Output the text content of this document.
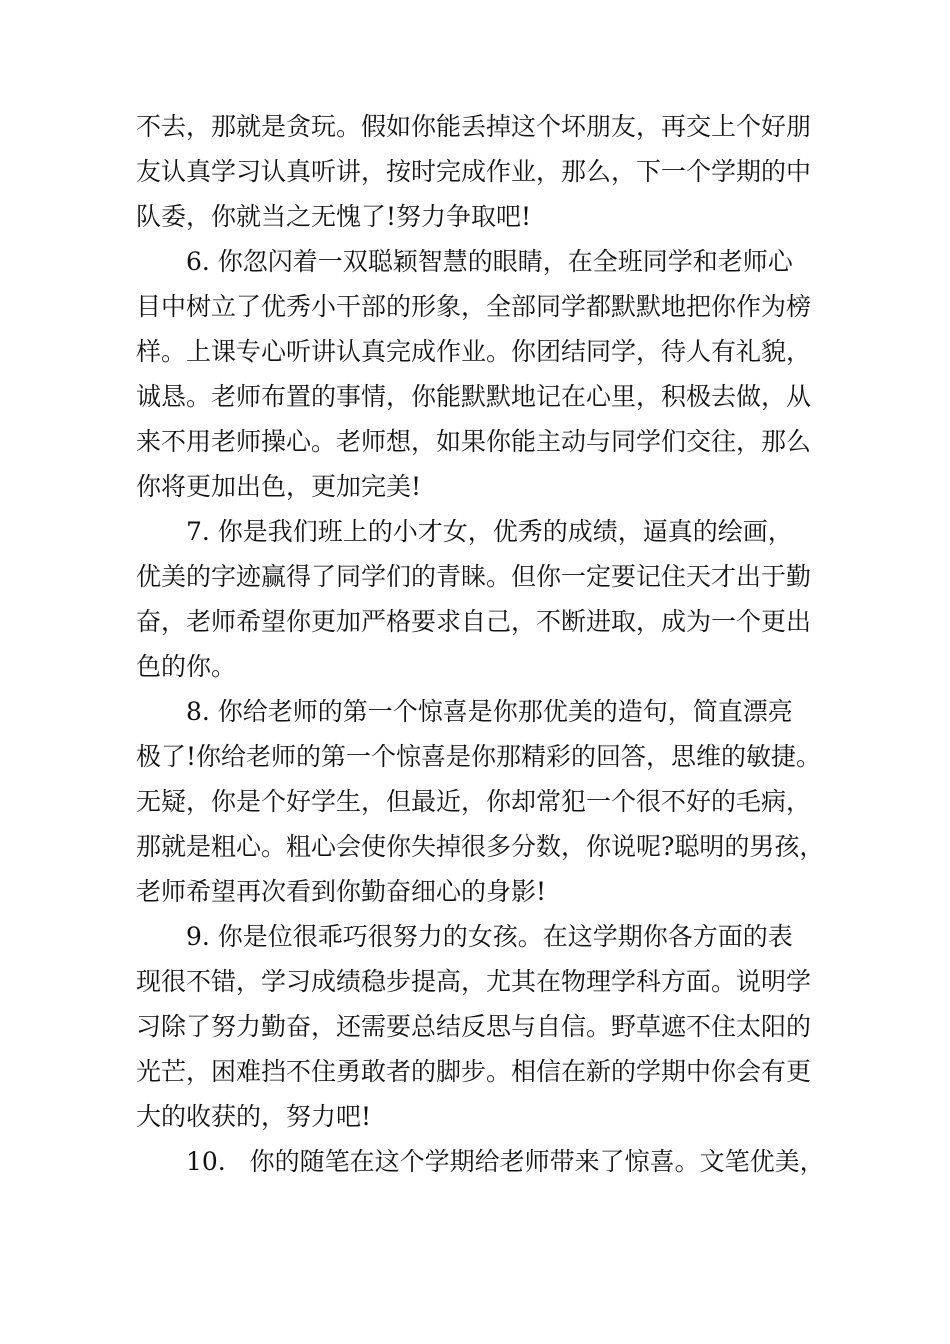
不去，那就是贪玩。假如你能丢掉这个坏朋友，再交上个好朋
友认真学习认真听讲，按时完成作业，那么，下一个学期的中
队委，你就当之无愧了!努力争取吧!
6. 你忽闪着一双聪颖智慧的眼睛，在全班同学和老师心
目中树立了优秀小干部的形象，全部同学都默默地把你作为榜
样。上课专心听讲认真完成作业。你团结同学，待人有礼貌，
诚恳。老师布置的事情，你能默默地记在心里，积极去做，从
来不用老师操心。老师想，如果你能主动与同学们交往，那么
你将更加出色，更加完美!
7. 你是我们班上的小才女，优秀的成绩，逼真的绘画，
优美的字迹赢得了同学们的青睐。但你一定要记住天才出于勤
奋，老师希望你更加严格要求自己，不断进取，成为一个更出
色的你。
8. 你给老师的第一个惊喜是你那优美的造句，简直漂亮
极了!你给老师的第一个惊喜是你那精彩的回答，思维的敏捷。
无疑，你是个好学生，但最近，你却常犯一个很不好的毛病，
那就是粗心。粗心会使你失掉很多分数，你说呢?聪明的男孩，
老师希望再次看到你勤奋细心的身影!
9. 你是位很乖巧很努力的女孩。在这学期你各方面的表
现很不错，学习成绩稳步提高，尤其在物理学科方面。说明学
习除了努力勤奋，还需要总结反思与自信。野草遮不住太阳的
光芒，困难挡不住勇敢者的脚步。相信在新的学期中你会有更
大的收获的，努力吧!
10.   你的随笔在这个学期给老师带来了惊喜。文笔优美，
